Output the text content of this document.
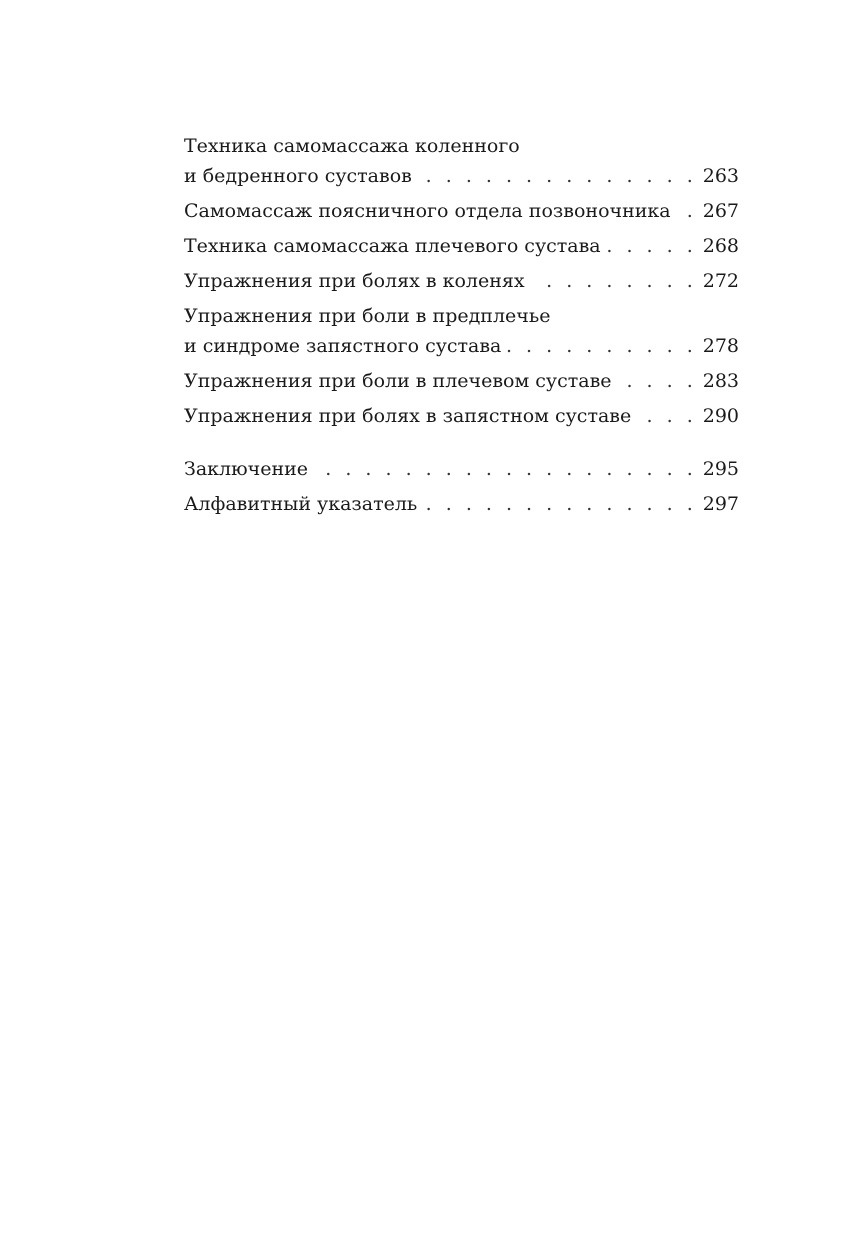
Техника самомассажа коленного
и бедренного суставов . . .	263
Самомассаж поясничного отдела позвоночника . . . 267
Техника самомассажа плечевого сустава . . .	268
Упражнения при болях в коленях . . .	272
Упражнения при боли в предплечье
и синдроме запястного сустава . . .	278
Упражнения при боли в плечевом суставе . . .	283
Упражнения при болях в запястном суставе . . .	290
Заключение . . .	295
Алфавитный указатель . . .	297
